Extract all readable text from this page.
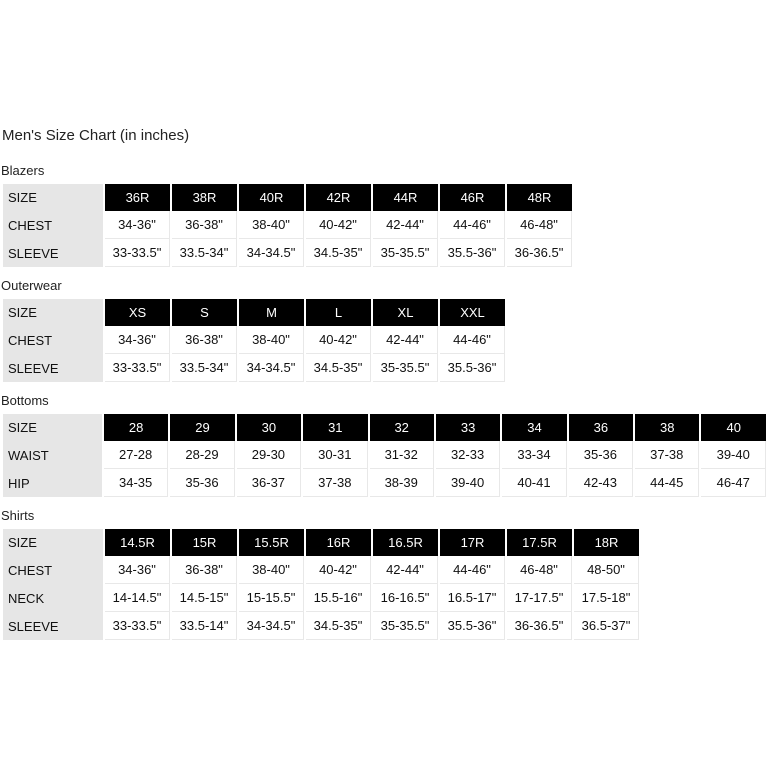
Men's Size Chart (in inches)
Blazers
SIZE	36R	38R	40R	42R	44R	46R	48R
CHEST	34-36"	36-38"	38-40"	40-42"	42-44"	44-46"	46-48"
SLEEVE	33-33.5"	33.5-34"	34-34.5"	34.5-35"	35-35.5"	35.5-36"	36-36.5"
Outerwear
SIZE	XS	S	M	L	XL	XXL
CHEST	34-36"	36-38"	38-40"	40-42"	42-44"	44-46"
SLEEVE	33-33.5"	33.5-34"	34-34.5"	34.5-35"	35-35.5"	35.5-36"
Bottoms
SIZE	28	29	30	31	32	33	34	36	38	40
WAIST	27-28	28-29	29-30	30-31	31-32	32-33	33-34	35-36	37-38	39-40
HIP	34-35	35-36	36-37	37-38	38-39	39-40	40-41	42-43	44-45	46-47
Shirts
SIZE	14.5R	15R	15.5R	16R	16.5R	17R	17.5R	18R
CHEST	34-36"	36-38"	38-40"	40-42"	42-44"	44-46"	46-48"	48-50"
NECK	14-14.5"	14.5-15"	15-15.5"	15.5-16"	16-16.5"	16.5-17"	17-17.5"	17.5-18"
SLEEVE	33-33.5"	33.5-14"	34-34.5"	34.5-35"	35-35.5"	35.5-36"	36-36.5"	36.5-37"
